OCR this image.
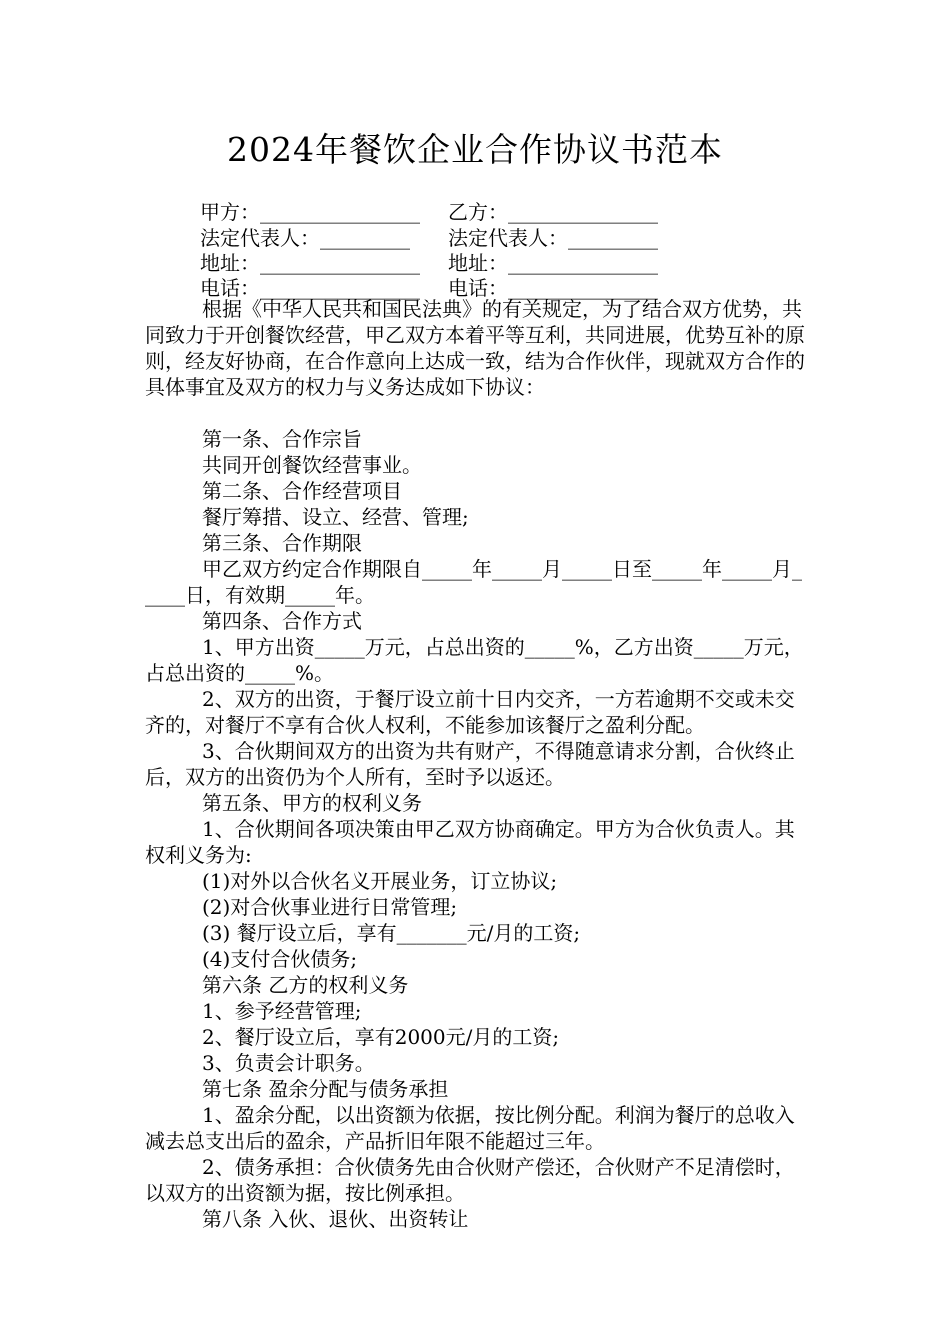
2024年餐饮企业合作协议书范本
甲方：________________ 乙方：_______________
法定代表人：_________ 法定代表人：_________
地址：________________ 地址：_______________
电话：________________ 电话：_______________

根据《中华人民共和国民法典》的有关规定，为了结合双方优势，共同致力于开创餐饮经营，甲乙双方本着平等互利，共同进展，优势互补的原则，经友好协商，在合作意向上达成一致，结为合作伙伴，现就双方合作的具体事宜及双方的权力与义务达成如下协议：

第一条、合作宗旨

共同开创餐饮经营事业。

第二条、合作经营项目

餐厅筹措、设立、经营、管理;

第三条、合作期限

甲乙双方约定合作期限自_____年_____月_____日至_____年_____月_____日，有效期_____年。

第四条、合作方式

1、甲方出资_____万元，占总出资的_____%，乙方出资_____万元，占总出资的_____%。

2、双方的出资，于餐厅设立前十日内交齐，一方若逾期不交或未交齐的，对餐厅不享有合伙人权利，不能参加该餐厅之盈利分配。

3、合伙期间双方的出资为共有财产，不得随意请求分割，合伙终止后，双方的出资仍为个人所有，至时予以返还。

第五条、甲方的权利义务

1、合伙期间各项决策由甲乙双方协商确定。甲方为合伙负责人。其权利义务为:

(1)对外以合伙名义开展业务，订立协议;

(2)对合伙事业进行日常管理;

(3) 餐厅设立后，享有_______元/月的工资;

(4)支付合伙债务;

第六条 乙方的权利义务

1、参予经营管理;

2、餐厅设立后，享有2000元/月的工资;

3、负责会计职务。

第七条 盈余分配与债务承担

1、盈余分配，以出资额为依据，按比例分配。利润为餐厅的总收入减去总支出后的盈余，产品折旧年限不能超过三年。

2、债务承担：合伙债务先由合伙财产偿还，合伙财产不足清偿时，以双方的出资额为据，按比例承担。

第八条 入伙、退伙、出资转让
